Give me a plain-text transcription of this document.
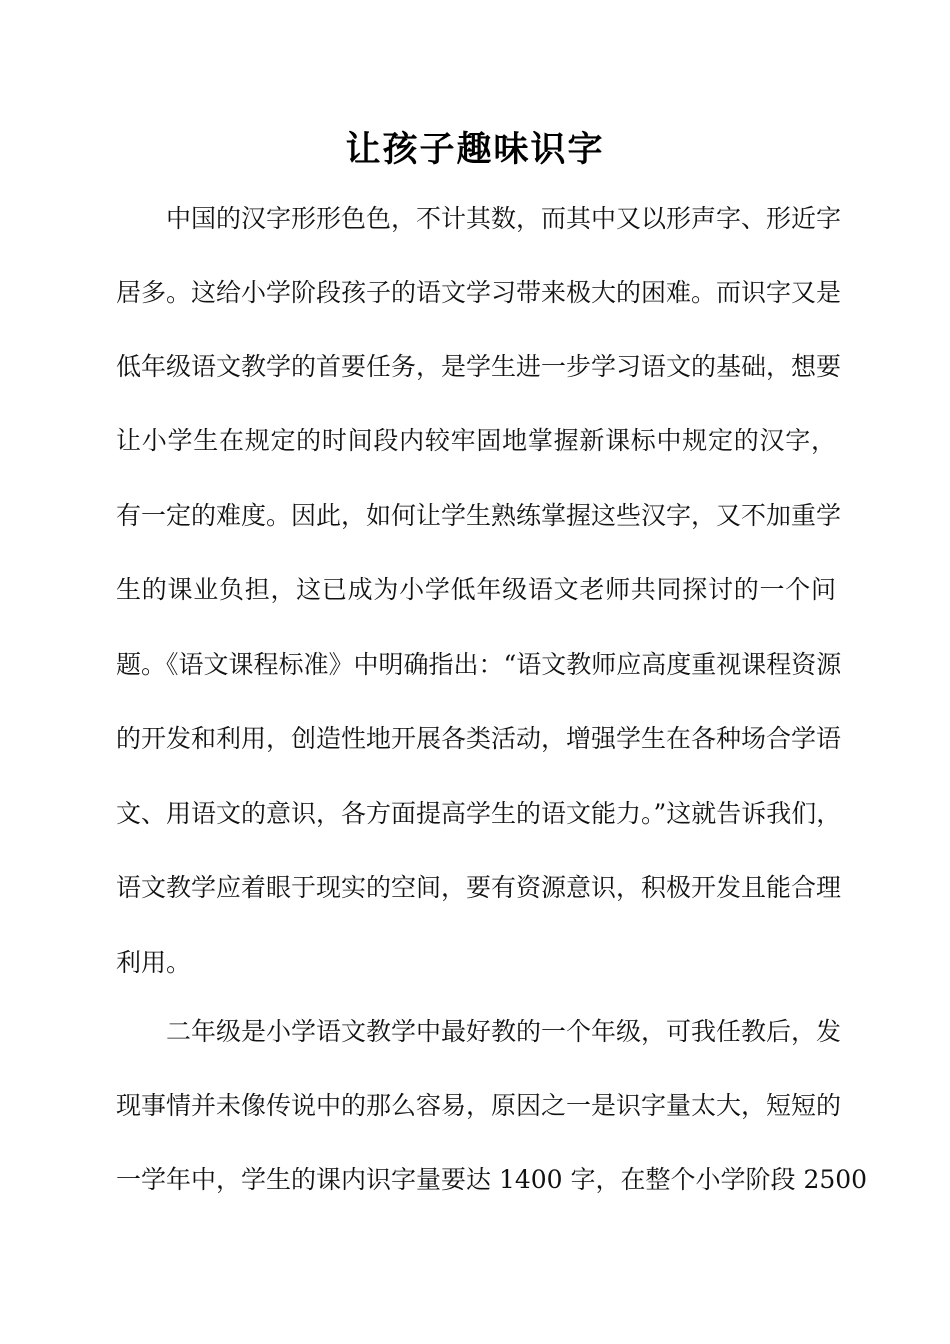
让孩子趣味识字
中国的汉字形形色色，不计其数，而其中又以形声字、形近字
居多。这给小学阶段孩子的语文学习带来极大的困难。而识字又是
低年级语文教学的首要任务，是学生进一步学习语文的基础，想要
让小学生在规定的时间段内较牢固地掌握新课标中规定的汉字，
有一定的难度。因此，如何让学生熟练掌握这些汉字，又不加重学
生的课业负担，这已成为小学低年级语文老师共同探讨的一个问
题。《语文课程标准》中明确指出：“语文教师应高度重视课程资源
的开发和利用，创造性地开展各类活动，增强学生在各种场合学语
文、用语文的意识，各方面提高学生的语文能力。”这就告诉我们，
语文教学应着眼于现实的空间，要有资源意识，积极开发且能合理
利用。
二年级是小学语文教学中最好教的一个年级，可我任教后，发
现事情并未像传说中的那么容易，原因之一是识字量太大，短短的
一学年中，学生的课内识字量要达 1400 字，在整个小学阶段 2500
